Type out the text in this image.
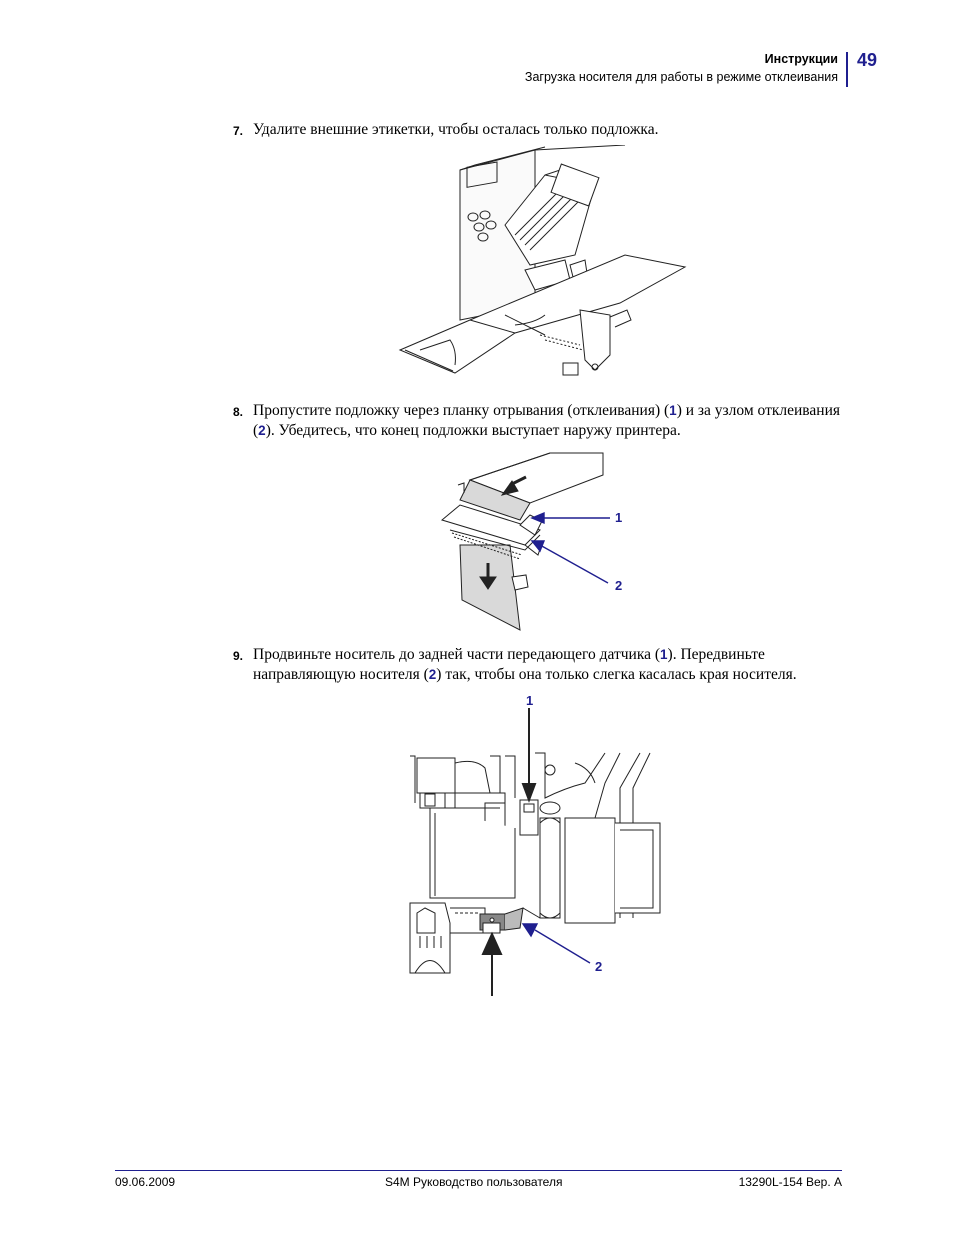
Инструкции
Загрузка носителя для работы в режиме отклеивания
49
7. Удалите внешние этикетки, чтобы осталась только подложка.
8. Пропустите подложку через планку отрывания (отклеивания) (1) и за узлом отклеивания (2). Убедитесь, что конец подложки выступает наружу принтера.
1
2
9. Продвиньте носитель до задней части передающего датчика (1). Передвиньте направляющую носителя (2) так, чтобы она только слегка касалась края носителя.
1
2
09.06.2009	S4M Руководство пользователя	13290L-154 Вер. A
